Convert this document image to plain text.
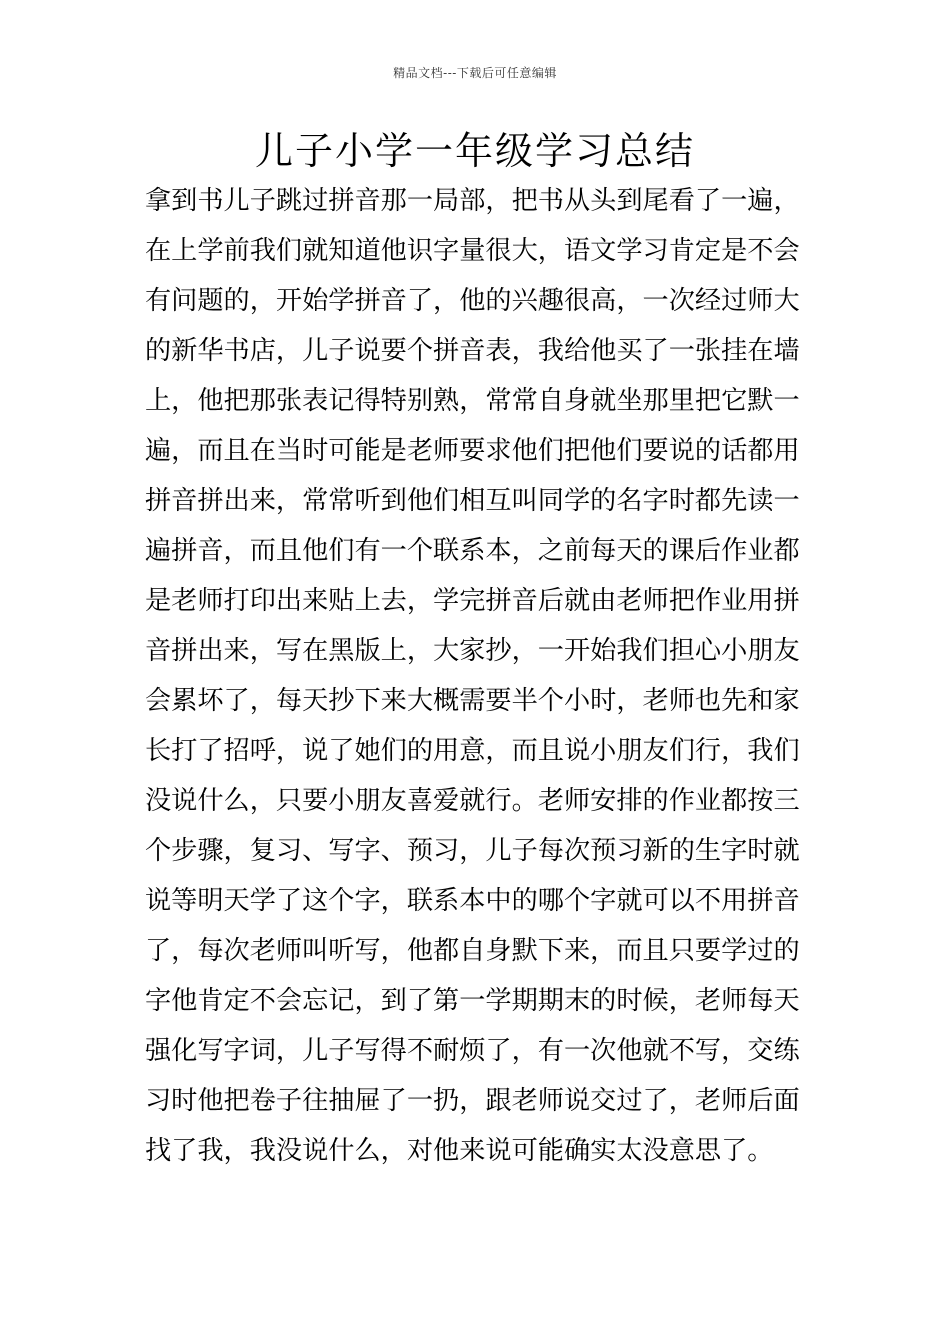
精品文档---下载后可任意编辑
儿子小学一年级学习总结
拿到书儿子跳过拼音那一局部，把书从头到尾看了一遍，
在上学前我们就知道他识字量很大，语文学习肯定是不会
有问题的，开始学拼音了，他的兴趣很高，一次经过师大
的新华书店，儿子说要个拼音表，我给他买了一张挂在墙
上，他把那张表记得特别熟，常常自身就坐那里把它默一
遍，而且在当时可能是老师要求他们把他们要说的话都用
拼音拼出来，常常听到他们相互叫同学的名字时都先读一
遍拼音，而且他们有一个联系本，之前每天的课后作业都
是老师打印出来贴上去，学完拼音后就由老师把作业用拼
音拼出来，写在黑版上，大家抄，一开始我们担心小朋友
会累坏了，每天抄下来大概需要半个小时，老师也先和家
长打了招呼，说了她们的用意，而且说小朋友们行，我们
没说什么，只要小朋友喜爱就行。老师安排的作业都按三
个步骤，复习、写字、预习，儿子每次预习新的生字时就
说等明天学了这个字，联系本中的哪个字就可以不用拼音
了，每次老师叫听写，他都自身默下来，而且只要学过的
字他肯定不会忘记，到了第一学期期末的时候，老师每天
强化写字词，儿子写得不耐烦了，有一次他就不写，交练
习时他把卷子往抽屉了一扔，跟老师说交过了，老师后面
找了我，我没说什么，对他来说可能确实太没意思了。
